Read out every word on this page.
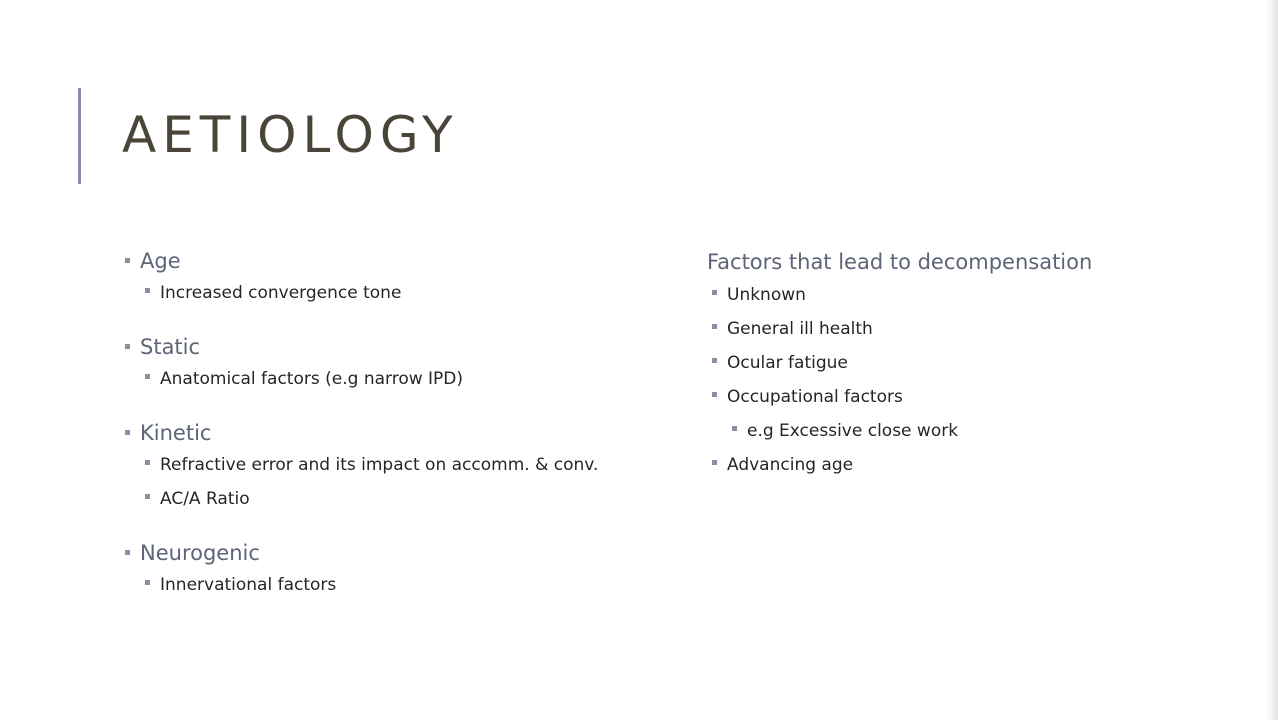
AETIOLOGY
Age
Increased convergence tone
Static
Anatomical factors (e.g narrow IPD)
Kinetic
Refractive error and its impact on accomm. & conv.
AC/A Ratio
Neurogenic
Innervational factors
Factors that lead to decompensation
Unknown
General ill health
Ocular fatigue
Occupational factors
e.g Excessive close work
Advancing age
